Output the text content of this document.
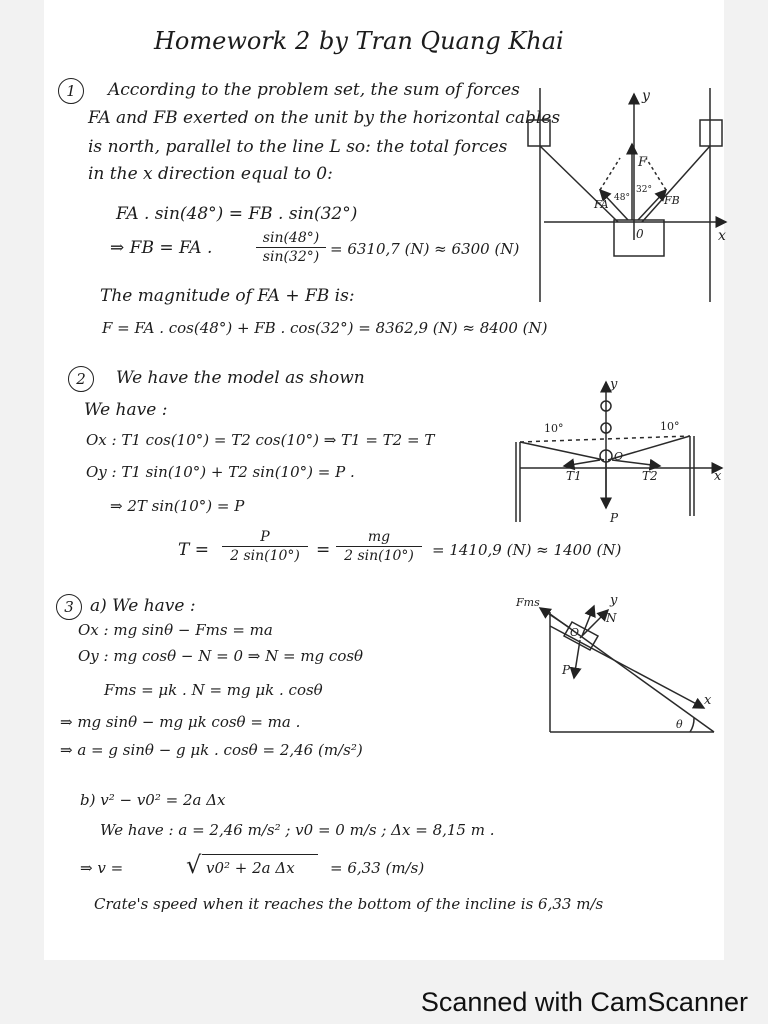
Homework 2 by Tran Quang Khai
1	According to the problem set, the sum of forces
FA and FB exerted on the unit by the horizontal cables
is north, parallel to the line L so: the total forces
in the x direction equal to 0:
FA . sin(48°) = FB . sin(32°)
⇒ FB = FA .	$\frac{\sin(48^\circ)}{\sin(32^\circ)} = 6310,7$ (N) ≈ 6300 (N)
The magnitude of FA + FB is:
F = FA . cos(48°) + FB . cos(32°) = 8362,9 (N) ≈ 8400 (N)
y
x
0
F
FA	FB
48°
32°
2	We have the model as shown
We have :
Ox : T1 cos(10°) = T2 cos(10°) ⇒ T1 = T2 = T
Oy : T1 sin(10°) + T2 sin(10°) = P .
⇒ 2T sin(10°) = P
$T = \frac{P}{2 \sin(10^\circ)} = \frac{mg}{2 \sin(10^\circ)} = 1410,9$ (N) ≈ 1400 (N)
y
x
O
10°	10°
T1	T2
P
3 a) We have :
Ox : mg sinθ − Fms = ma
Oy : mg cosθ − N = 0 ⇒ N = mg cosθ
Fms = μk . N = mg μk . cosθ
⇒ mg sinθ − mg μk cosθ = ma .
⇒ a = g sinθ − g μk . cosθ = 2,46 (m/s²)
b) v² − v0² = 2a Δx
We have : a = 2,46 m/s² ; v0 = 0 m/s ; Δx = 8,15 m .
⇒ v =	√ v0² + 2a Δx = 6,33 (m/s)
Crate's speed when it reaches the bottom of the incline is 6,33 m/s
y
x
O
N
P
Fms
θ
Scanned with CamScanner
